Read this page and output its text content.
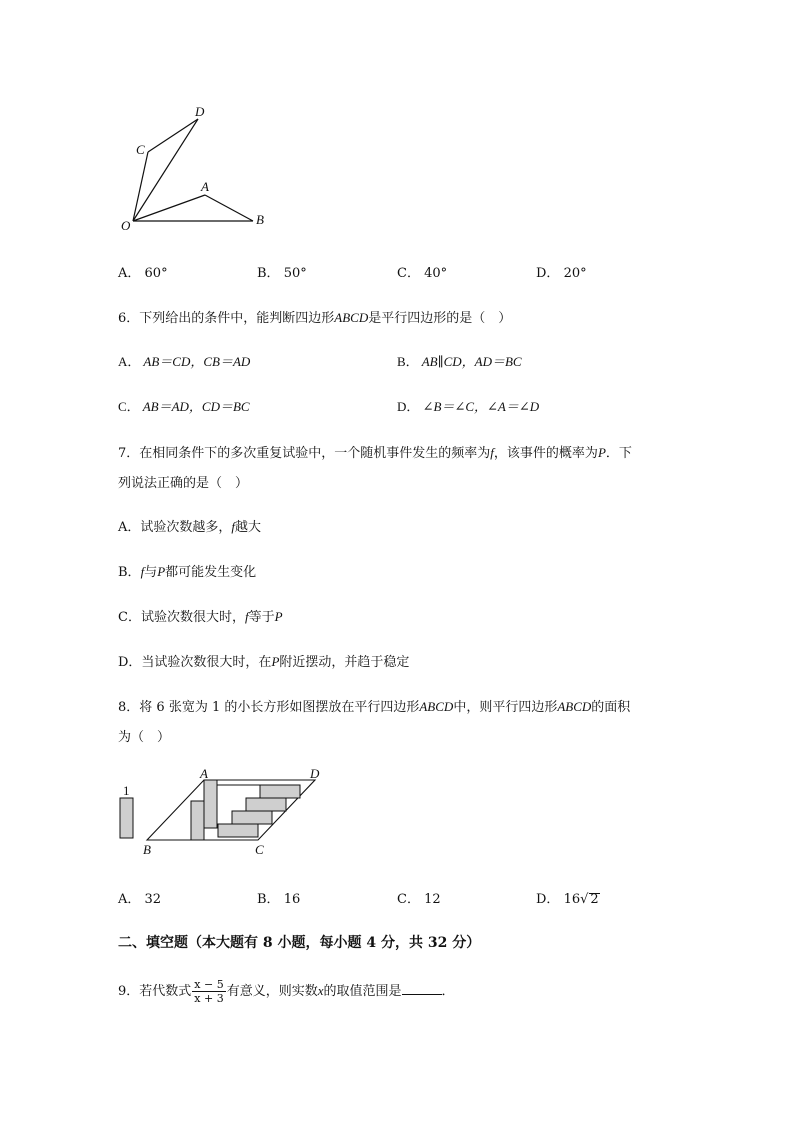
D
C
A
O	B
A． 60°	B． 50°	C． 40°	D． 20°
6．下列给出的条件中，能判断四边形ABCD是平行四边形的是（　）
A． AB＝CD，CB＝AD	B． AB∥CD，AD＝BC
C． AB＝AD，CD＝BC	D． ∠B＝∠C，∠A＝∠D
7．在相同条件下的多次重复试验中，一个随机事件发生的频率为f，该事件的概率为P．下
列说法正确的是（　）
A．试验次数越多，f越大
B．f与P都可能发生变化
C．试验次数很大时，f等于P
D．当试验次数很大时，在P附近摆动，并趋于稳定
8．将 6 张宽为 1 的小长方形如图摆放在平行四边形ABCD中，则平行四边形ABCD的面积
为（　）
1
A	D
B	C
A． 32	B． 16	C． 12	D． 16√ 2
二、填空题（本大题有 8 小题，每小题 4 分，共 32 分）
9．若代数式 $\frac{x - 5}{x + 3}$ 有意义，则实数x的取值范围是	．
